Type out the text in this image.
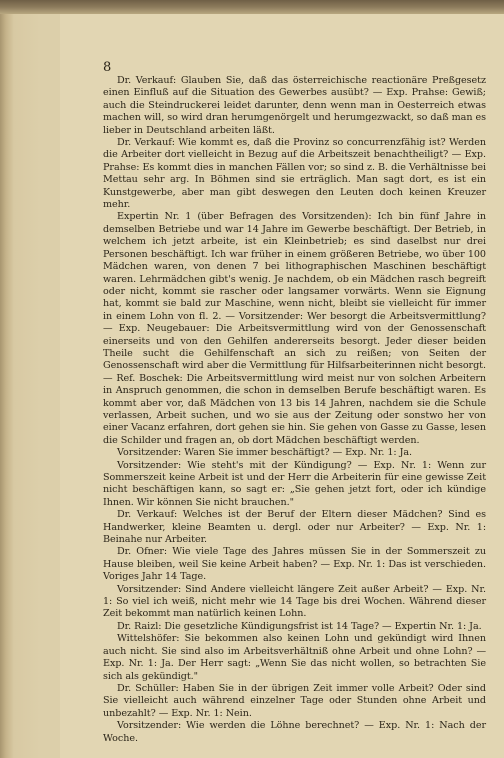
8

Dr. Verkauf: Glauben Sie, daß das österreichische reactionäre Preßgesetz einen Einfluß auf die Situation des Gewerbes ausübt? — Exp. Prahse: Gewiß; auch die Steindruckerei leidet darunter, denn wenn man in Oesterreich etwas machen will, so wird dran herumgenörgelt und herumgezwackt, so daß man es lieber in Deutschland arbeiten läßt.

Dr. Verkauf: Wie kommt es, daß die Provinz so concurrenzfähig ist? Werden die Arbeiter dort vielleicht in Bezug auf die Arbeitszeit benachtheiligt? — Exp. Prahse: Es kommt dies in manchen Fällen vor; so sind z. B. die Verhältnisse bei Mettau sehr arg. In Böhmen sind sie erträglich. Man sagt dort, es ist ein Kunstgewerbe, aber man gibt deswegen den Leuten doch keinen Kreuzer mehr.

Expertin Nr. 1 (über Befragen des Vorsitzenden): Ich bin fünf Jahre in demselben Betriebe und war 14 Jahre im Gewerbe beschäftigt. Der Betrieb, in welchem ich jetzt arbeite, ist ein Kleinbetrieb; es sind daselbst nur drei Personen beschäftigt. Ich war früher in einem größeren Betriebe, wo über 100 Mädchen waren, von denen 7 bei lithographischen Maschinen beschäftigt waren. Lehrmädchen gibt's wenig. Je nachdem, ob ein Mädchen rasch begreift oder nicht, kommt sie rascher oder langsamer vorwärts. Wenn sie Eignung hat, kommt sie bald zur Maschine, wenn nicht, bleibt sie vielleicht für immer in einem Lohn von fl. 2. — Vorsitzender: Wer besorgt die Arbeitsvermittlung? — Exp. Neugebauer: Die Arbeitsvermittlung wird von der Genossenschaft einerseits und von den Gehilfen andererseits besorgt. Jeder dieser beiden Theile sucht die Gehilfenschaft an sich zu reißen; von Seiten der Genossenschaft wird aber die Vermittlung für Hilfsarbeiterinnen nicht besorgt. — Ref. Boschek: Die Arbeitsvermittlung wird meist nur von solchen Arbeitern in Anspruch genommen, die schon in demselben Berufe beschäftigt waren. Es kommt aber vor, daß Mädchen von 13 bis 14 Jahren, nachdem sie die Schule verlassen, Arbeit suchen, und wo sie aus der Zeitung oder sonstwo her von einer Vacanz erfahren, dort gehen sie hin. Sie gehen von Gasse zu Gasse, lesen die Schilder und fragen an, ob dort Mädchen beschäftigt werden.

Vorsitzender: Waren Sie immer beschäftigt? — Exp. Nr. 1: Ja.

Vorsitzender: Wie steht's mit der Kündigung? — Exp. Nr. 1: Wenn zur Sommerszeit keine Arbeit ist und der Herr die Arbeiterin für eine gewisse Zeit nicht beschäftigen kann, so sagt er: „Sie gehen jetzt fort, oder ich kündige Ihnen. Wir können Sie nicht brauchen."

Dr. Verkauf: Welches ist der Beruf der Eltern dieser Mädchen? Sind es Handwerker, kleine Beamten u. dergl. oder nur Arbeiter? — Exp. Nr. 1: Beinahe nur Arbeiter.

Dr. Ofner: Wie viele Tage des Jahres müssen Sie in der Sommerszeit zu Hause bleiben, weil Sie keine Arbeit haben? — Exp. Nr. 1: Das ist verschieden. Voriges Jahr 14 Tage.

Vorsitzender: Sind Andere vielleicht längere Zeit außer Arbeit? — Exp. Nr. 1: So viel ich weiß, nicht mehr wie 14 Tage bis drei Wochen. Während dieser Zeit bekommt man natürlich keinen Lohn.

Dr. Raizl: Die gesetzliche Kündigungsfrist ist 14 Tage? — Expertin Nr. 1: Ja.

Wittelshöfer: Sie bekommen also keinen Lohn und gekündigt wird Ihnen auch nicht. Sie sind also im Arbeitsverhältniß ohne Arbeit und ohne Lohn? — Exp. Nr. 1: Ja. Der Herr sagt: „Wenn Sie das nicht wollen, so betrachten Sie sich als gekündigt."

Dr. Schüller: Haben Sie in der übrigen Zeit immer volle Arbeit? Oder sind Sie vielleicht auch während einzelner Tage oder Stunden ohne Arbeit und unbezahlt? — Exp. Nr. 1: Nein.

Vorsitzender: Wie werden die Löhne berechnet? — Exp. Nr. 1: Nach der Woche.
